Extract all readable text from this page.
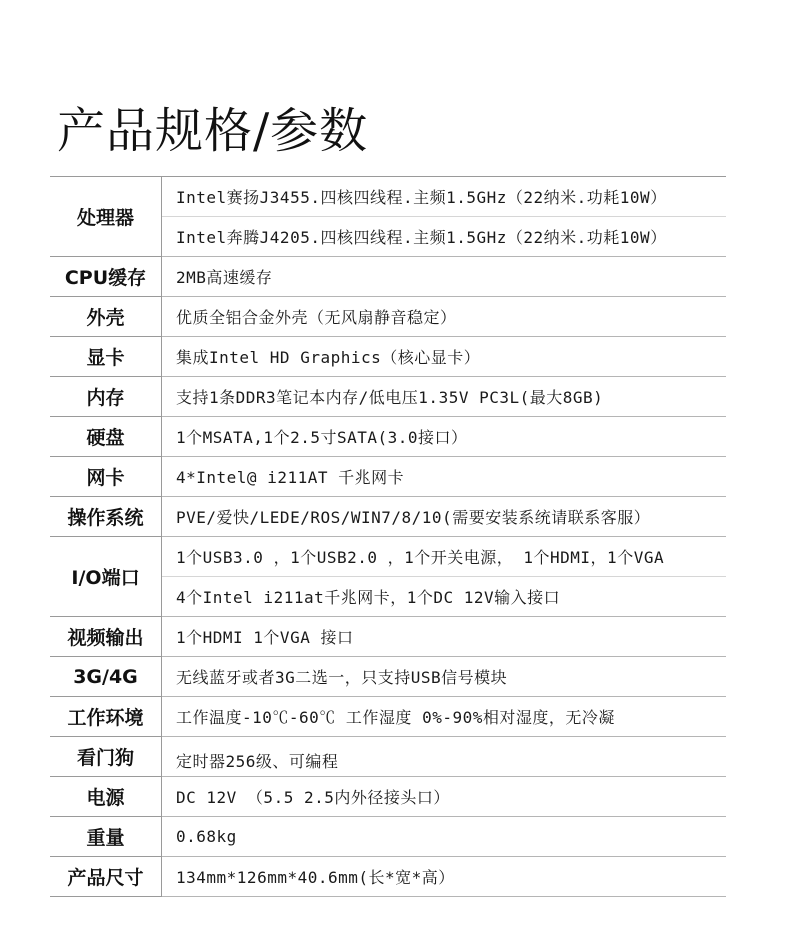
产品规格/参数
处理器	Intel赛扬J3455.四核四线程.主频1.5GHz（22纳米.功耗10W）
	Intel奔腾J4205.四核四线程.主频1.5GHz（22纳米.功耗10W）
CPU缓存	2MB高速缓存
外壳	优质全铝合金外壳（无风扇静音稳定）
显卡	集成Intel HD Graphics（核心显卡）
内存	支持1条DDR3笔记本内存/低电压1.35V PC3L(最大8GB)
硬盘	1个MSATA,1个2.5寸SATA(3.0接口）
网卡	4*Intel@ i211AT 千兆网卡
操作系统	PVE/爱快/LEDE/ROS/WIN7/8/10(需要安装系统请联系客服）
I/O端口	1个USB3.0 ，1个USB2.0 ，1个开关电源， 1个HDMI，1个VGA
	4个Intel i211at千兆网卡，1个DC 12V输入接口
视频输出	1个HDMI 1个VGA 接口
3G/4G	无线蓝牙或者3G二选一，只支持USB信号模块
工作环境	工作温度-10℃-60℃ 工作湿度 0%-90%相对湿度，无冷凝
看门狗	定时器256级、可编程
电源	DC 12V （5.5 2.5内外径接头口）
重量	0.68kg
产品尺寸	134mm*126mm*40.6mm(长*宽*高）
